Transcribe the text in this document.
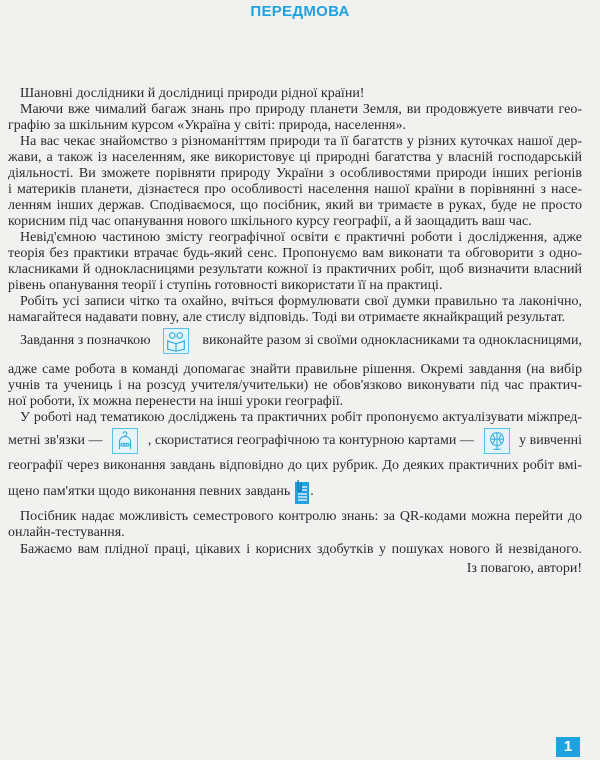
ПЕРЕДМОВА
Шановні дослідники й дослідниці природи рідної країни!
Маючи вже чималий багаж знань про природу планети Земля, ви продовжуете вивчати гео-
графію за шкільним курсом «Україна у світі: природа, населення».
На вас чекає знайомство з різноманіттям природи та її багатств у різних куточках нашої дер-
жави, а також із населенням, яке використовує ці природні багатства у власній господарській
діяльності. Ви зможете порівняти природу України з особливостями природи інших регіонів
і материків планети, дізнаєтеся про особливості населення нашої країни в порівнянні з насе-
ленням інших держав. Сподіваємося, що посібник, який ви тримаєте в руках, буде не просто
корисним під час опанування нового шкільного курсу географії, а й заощадить ваш час.
Невід'ємною частиною змісту географічної освіти є практичні роботи і дослідження, адже
теорія без практики втрачає будь-який сенс. Пропонуємо вам виконати та обговорити з одно-
класниками й однокласницями результати кожної із практичних робіт, щоб визначити власний
рівень опанування теорії і ступінь готовності використати її на практиці.
Робіть усі записи чітко та охайно, вчіться формулювати свої думки правильно та лаконічно,
намагайтеся надавати повну, але стислу відповідь. Тоді ви отримаєте якнайкращий результат.
Завдання з позначкою	виконайте разом зі своїми однокласниками та однокласницями,
адже саме робота в команді допомагає знайти правильне рішення. Окремі завдання (на вибір
учнів та учениць і на розсуд учителя/учительки) не обов'язково виконувати під час практич-
ної роботи, їх можна перенести на інші уроки географії.
У роботі над тематикою досліджень та практичних робіт пропонуємо актуалізувати міжпред-
метні зв'язки —	, скористатися географічною та контурною картами —	у вивченні
географії через виконання завдань відповідно до цих рубрик. До деяких практичних робіт вмі-
щено пам'ятки щодо виконання певних завдань .
Посібник надає можливість семестрового контролю знань: за QR-кодами можна перейти до
онлайн-тестування.
Бажаємо вам плідної праці, цікавих і корисних здобутків у пошуках нового й незвіданого.
Із повагою, автори!
1
